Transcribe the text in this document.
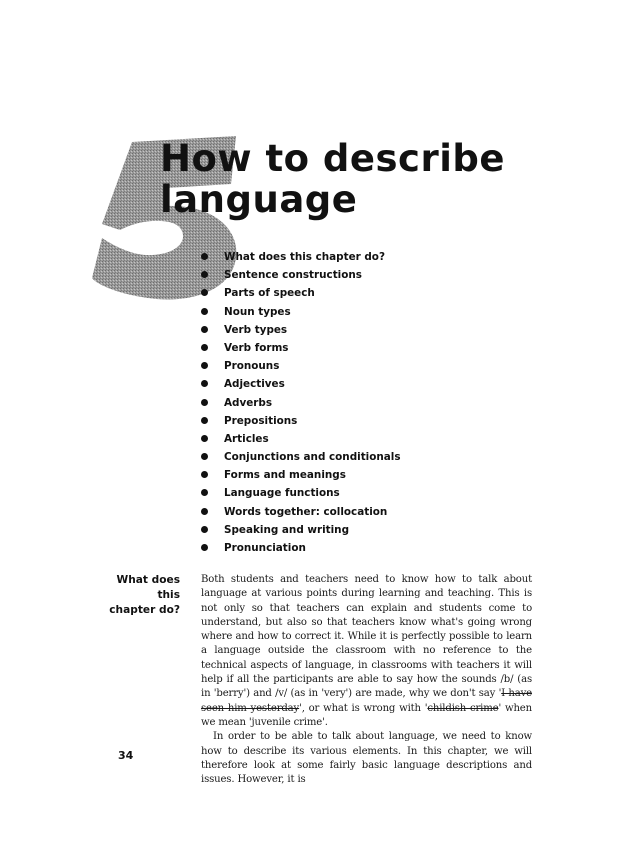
How to describe
language
What does this chapter do?
Sentence constructions
Parts of speech
Noun types
Verb types
Verb forms
Pronouns
Adjectives
Adverbs
Prepositions
Articles
Conjunctions and conditionals
Forms and meanings
Language functions
Words together: collocation
Speaking and writing
Pronunciation
What does this
chapter do?

Both students and teachers need to know how to talk about language at various points during learning and teaching. This is not only so that teachers can explain and students come to understand, but also so that teachers know what's going wrong where and how to correct it. While it is perfectly possible to learn a language outside the classroom with no reference to the technical aspects of language, in classrooms with teachers it will help if all the participants are able to say how the sounds /b/ (as in 'berry') and /v/ (as in 'very') are made, why we don't say 'I have seen him yesterday', or what is wrong with 'childish crime' when we mean 'juvenile crime'.

In order to be able to talk about language, we need to know how to describe its various elements. In this chapter, we will therefore look at some fairly basic language descriptions and issues. However, it is

34
